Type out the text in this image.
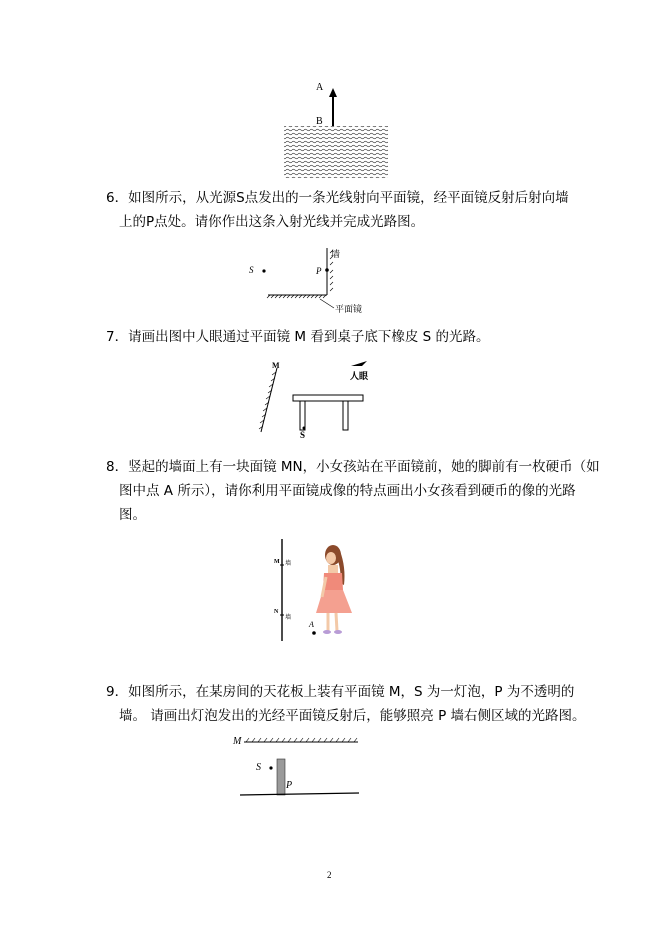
A
B
6．如图所示，从光源S点发出的一条光线射向平面镜，经平面镜反射后射向墙
上的P点处。请你作出这条入射光线并完成光路图。
S	P
墙
平面镜
7．请画出图中人眼通过平面镜 M 看到桌子底下橡皮 S 的光路。
M
人眼
S
8．竖起的墙面上有一块面镜 MN，小女孩站在平面镜前，她的脚前有一枚硬币（如
图中点 A 所示），请你利用平面镜成像的特点画出小女孩看到硬币的像的光路
图。
M
N
墙
墙
A
9．如图所示，在某房间的天花板上装有平面镜 M，S 为一灯泡，P 为不透明的
墙。 请画出灯泡发出的光经平面镜反射后，能够照亮 P 墙右侧区域的光路图。
M
S
P
2
